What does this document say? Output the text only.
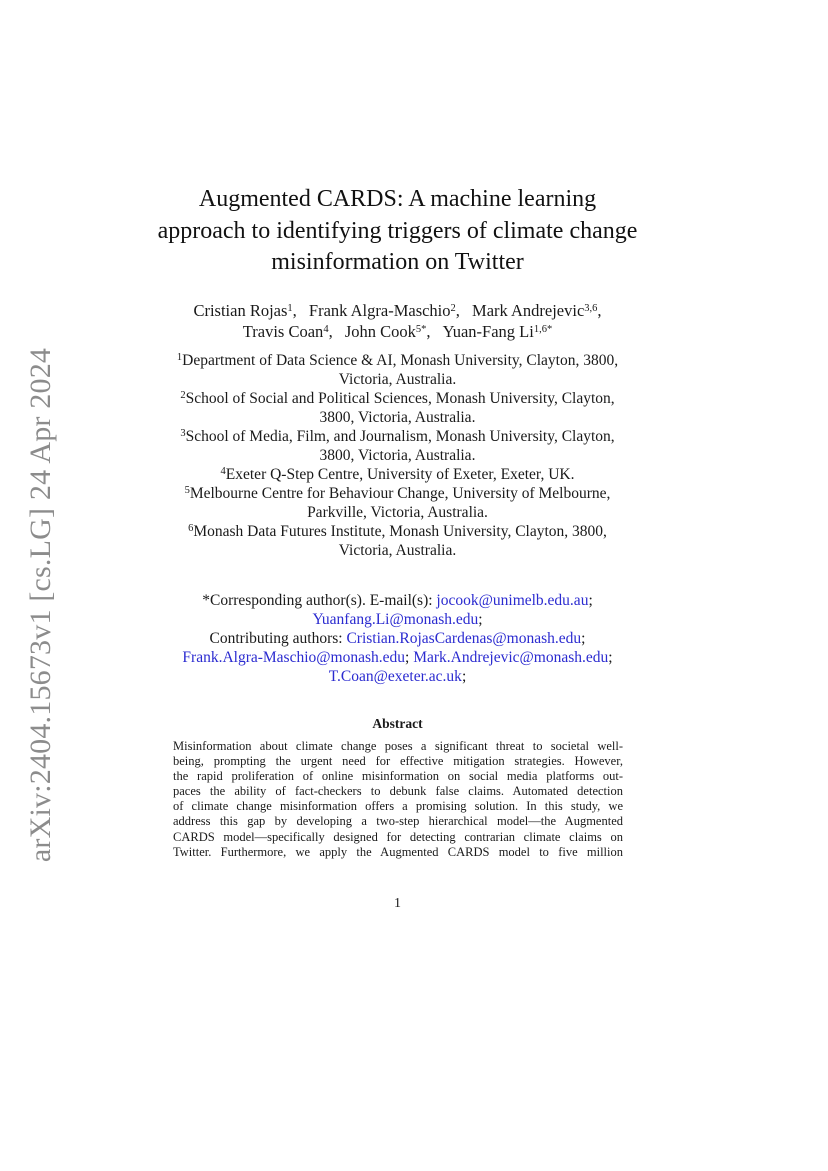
arXiv:2404.15673v1 [cs.LG] 24 Apr 2024
Augmented CARDS: A machine learning
approach to identifying triggers of climate change
misinformation on Twitter
Cristian Rojas$^1$, Frank Algra-Maschio$^2$, Mark Andrejevic$^{3,6}$,
Travis Coan$^4$, John Cook$^{5*}$, Yuan-Fang $Li^{1,6*}$
$^1$Department of Data Science & AI, Monash University, Clayton, 3800,
Victoria, Australia.
$^2$School of Social and Political Sciences, Monash University, Clayton,
3800, Victoria, Australia.
$^3$School of Media, Film, and Journalism, Monash University, Clayton,
3800, Victoria, Australia.
$^4$Exeter Q-Step Centre, University of Exeter, Exeter, UK.
$^5$Melbourne Centre for Behaviour Change, University of Melbourne,
Parkville, Victoria, Australia.
$^6$Monash Data Futures Institute, Monash University, Clayton, 3800,
Victoria, Australia.
*Corresponding author(s). E-mail(s): jocook@unimelb.edu.au;
Yuanfang.Li@monash.edu;
Contributing authors: Cristian.RojasCardenas@monash.edu;
Frank.Algra-Maschio@monash.edu; Mark.Andrejevic@monash.edu;
T.Coan@exeter.ac.uk;
Abstract
Misinformation about climate change poses a significant threat to societal well-
being, prompting the urgent need for effective mitigation strategies. However,
the rapid proliferation of online misinformation on social media platforms out-
paces the ability of fact-checkers to debunk false claims. Automated detection
of climate change misinformation offers a promising solution. In this study, we
address this gap by developing a two-step hierarchical model—the Augmented
CARDS model—specifically designed for detecting contrarian climate claims on
Twitter. Furthermore, we apply the Augmented CARDS model to five million
1
